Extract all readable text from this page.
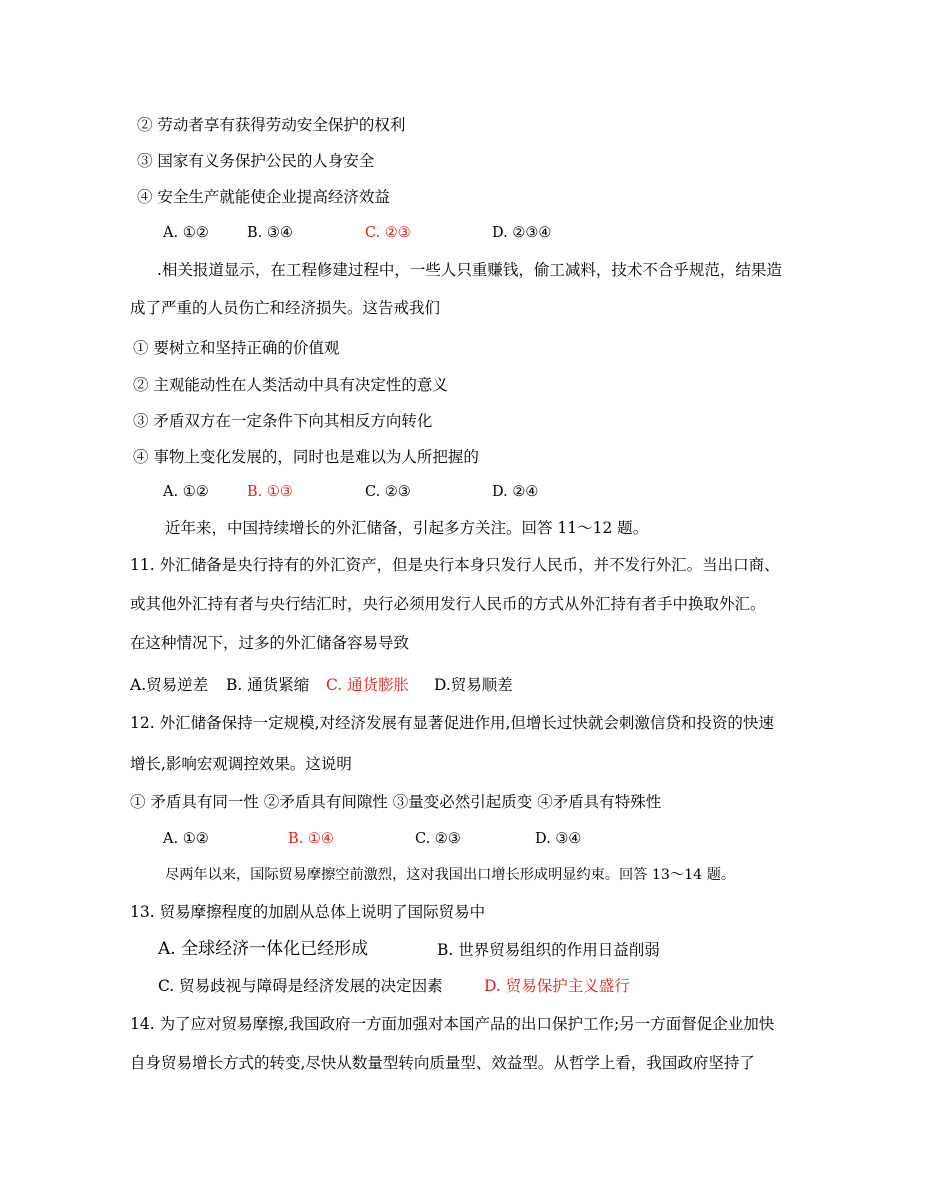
② 劳动者享有获得劳动安全保护的权利
③ 国家有义务保护公民的人身安全
④ 安全生产就能使企业提高经济效益
A. ①②	B. ③④	C. ②③	D. ②③④
.相关报道显示，在工程修建过程中，一些人只重赚钱，偷工减料，技术不合乎规范，结果造
成了严重的人员伤亡和经济损失。这告戒我们
① 要树立和坚持正确的价值观
② 主观能动性在人类活动中具有决定性的意义
③ 矛盾双方在一定条件下向其相反方向转化
④ 事物上变化发展的，同时也是难以为人所把握的
A. ①②	B. ①③	C. ②③	D. ②④
近年来，中国持续增长的外汇储备，引起多方关注。回答 11～12 题。
11. 外汇储备是央行持有的外汇资产，但是央行本身只发行人民币，并不发行外汇。当出口商、
或其他外汇持有者与央行结汇时，央行必须用发行人民币的方式从外汇持有者手中换取外汇。
在这种情况下，过多的外汇储备容易导致
A.贸易逆差 B. 通货紧缩 C. 通货膨胀 D.贸易顺差
12. 外汇储备保持一定规模,对经济发展有显著促进作用,但增长过快就会刺激信贷和投资的快速
增长,影响宏观调控效果。这说明
① 矛盾具有同一性 ②矛盾具有间隙性 ③量变必然引起质变 ④矛盾具有特殊性
A. ①②	B. ①④	C. ②③	D. ③④
尽两年以来，国际贸易摩擦空前激烈，这对我国出口增长形成明显约束。回答 13～14 题。
13. 贸易摩擦程度的加剧从总体上说明了国际贸易中
A. 全球经济一体化已经形成	B. 世界贸易组织的作用日益削弱
C. 贸易歧视与障碍是经济发展的决定因素	D. 贸易保护主义盛行
14. 为了应对贸易摩擦,我国政府一方面加强对本国产品的出口保护工作;另一方面督促企业加快
自身贸易增长方式的转变,尽快从数量型转向质量型、效益型。从哲学上看，我国政府坚持了
